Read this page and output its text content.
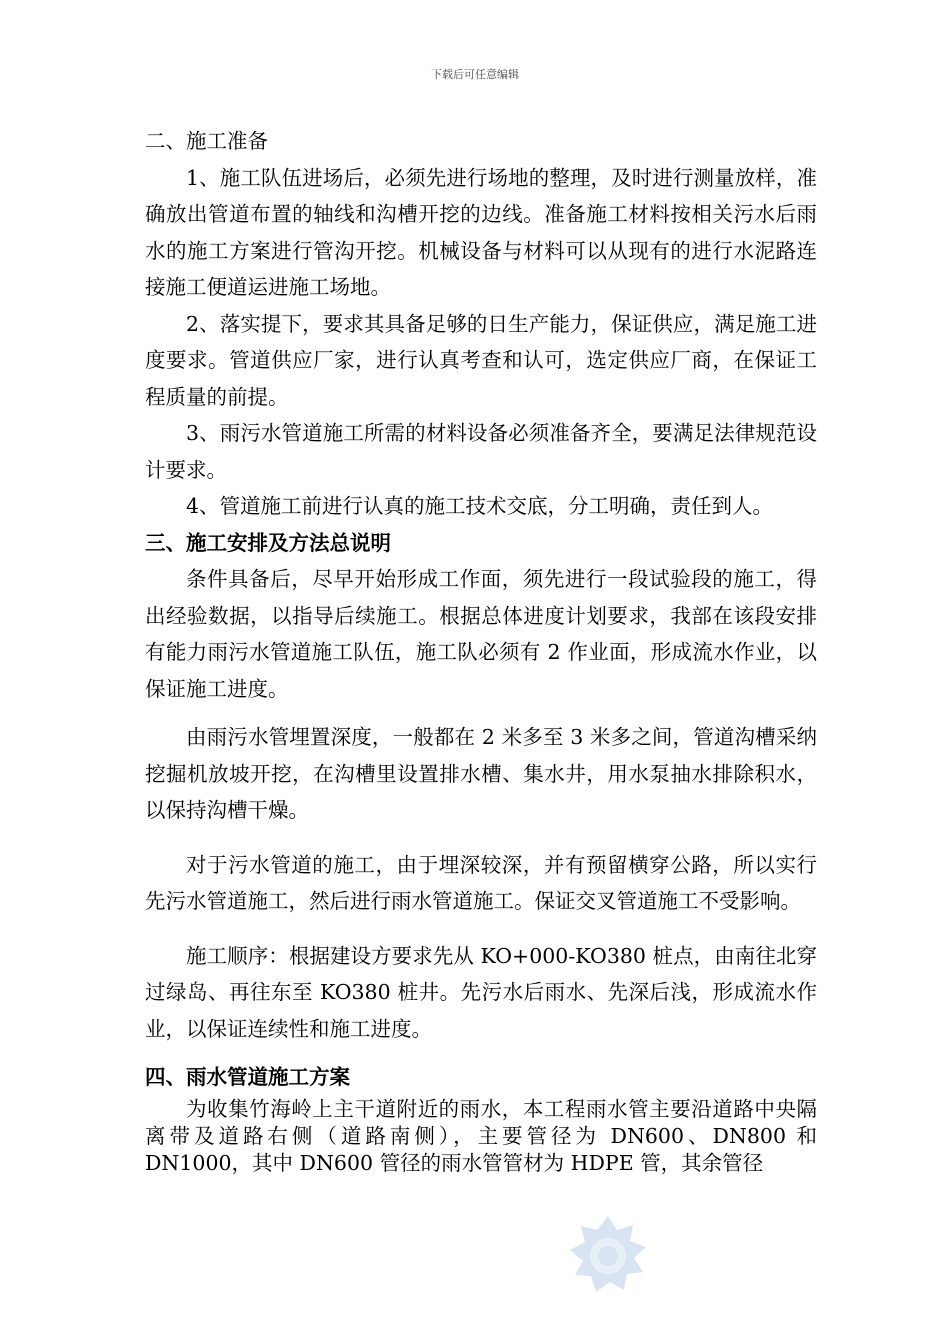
下载后可任意编辑

二、施工准备

1、施工队伍进场后，必须先进行场地的整理，及时进行测量放样，准确放出管道布置的轴线和沟槽开挖的边线。准备施工材料按相关污水后雨水的施工方案进行管沟开挖。机械设备与材料可以从现有的进行水泥路连接施工便道运进施工场地。

2、落实提下，要求其具备足够的日生产能力，保证供应，满足施工进度要求。管道供应厂家，进行认真考查和认可，选定供应厂商，在保证工程质量的前提。

3、雨污水管道施工所需的材料设备必须准备齐全，要满足法律规范设计要求。

4、管道施工前进行认真的施工技术交底，分工明确，责任到人。

三、施工安排及方法总说明

条件具备后，尽早开始形成工作面，须先进行一段试验段的施工，得出经验数据，以指导后续施工。根据总体进度计划要求，我部在该段安排有能力雨污水管道施工队伍，施工队必须有 2 作业面，形成流水作业，以保证施工进度。

由雨污水管埋置深度，一般都在 2 米多至 3 米多之间，管道沟槽采纳挖掘机放坡开挖，在沟槽里设置排水槽、集水井，用水泵抽水排除积水，以保持沟槽干燥。

对于污水管道的施工，由于埋深较深，并有预留横穿公路，所以实行先污水管道施工，然后进行雨水管道施工。保证交叉管道施工不受影响。

施工顺序：根据建设方要求先从 KO+000-KO380 桩点，由南往北穿过绿岛、再往东至 KO380 桩井。先污水后雨水、先深后浅，形成流水作业，以保证连续性和施工进度。

四、雨水管道施工方案

为收集竹海岭上主干道附近的雨水，本工程雨水管主要沿道路中央隔离带及道路右侧（道路南侧），主要管径为 DN600、DN800 和 DN1000，其中 DN600 管径的雨水管管材为 HDPE 管，其余管径
